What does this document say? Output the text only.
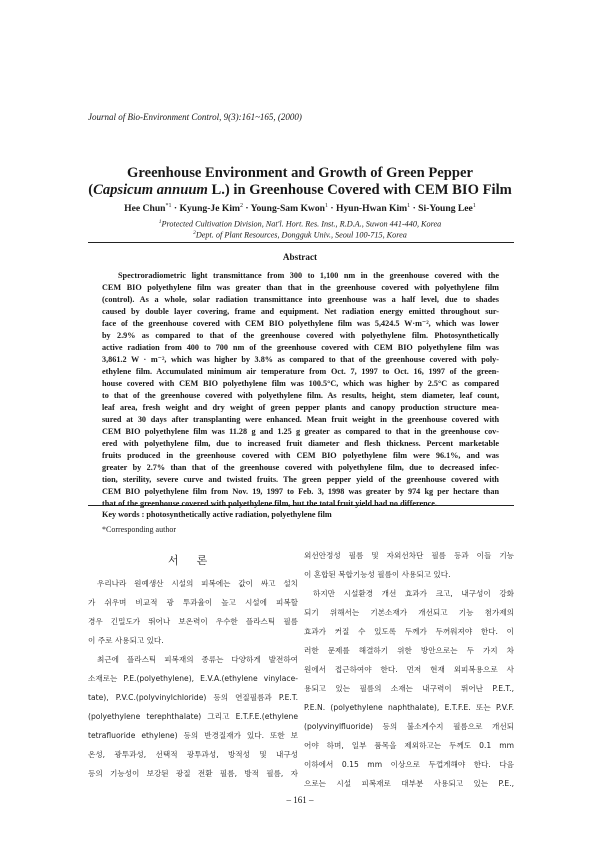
Journal of Bio-Environment Control, 9(3):161~165, (2000)
Greenhouse Environment and Growth of Green Pepper
(Capsicum annuum L.) in Greenhouse Covered with CEM BIO Film
Hee Chun$^{*1}$ · Kyung-Je Kim$^2$ · Young-Sam Kwon$^1$ · Hyun-Hwan Kim$^1$ · Si-Young Lee$^1$
$^1$Protected Cultivation Division, Nat'l. Hort. Res. Inst., R.D.A., Suwon 441-440, Korea
$^2$Dept. of Plant Resources, Dongguk Univ., Seoul 100-715, Korea
Abstract
Spectroradiometric light transmittance from 300 to 1,100 nm in the greenhouse covered with the
CEM BIO polyethylene film was greater than that in the greenhouse covered with polyethylene film
(control). As a whole, solar radiation transmittance into greenhouse was a half level, due to shades
caused by double layer covering, frame and equipment. Net radiation energy emitted throughout sur-
face of the greenhouse covered with CEM BIO polyethylene film was 5,424.5 W·m⁻², which was lower
by 2.9% as compared to that of the greenhouse covered with polyethylene film. Photosynthetically
active radiation from 400 to 700 nm of the greenhouse covered with CEM BIO polyethylene film was
3,861.2 W · m⁻², which was higher by 3.8% as compared to that of the greenhouse covered with poly-
ethylene film. Accumulated minimum air temperature from Oct. 7, 1997 to Oct. 16, 1997 of the green-
house covered with CEM BIO polyethylene film was 100.5°C, which was higher by 2.5°C as compared
to that of the greenhouse covered with polyethylene film. As results, height, stem diameter, leaf count,
leaf area, fresh weight and dry weight of green pepper plants and canopy production structure mea-
sured at 30 days after transplanting were enhanced. Mean fruit weight in the greenhouse covered with
CEM BIO polyethylene film was 11.28 g and 1.25 g greater as compared to that in the greenhouse cov-
ered with polyethylene film, due to increased fruit diameter and flesh thickness. Percent marketable
fruits produced in the greenhouse covered with CEM BIO polyethylene film were 96.1%, and was
greater by 2.7% than that of the greenhouse covered with polyethylene film, due to decreased infec-
tion, sterility, severe curve and twisted fruits. The green pepper yield of the greenhouse covered with
CEM BIO polyethylene film from Nov. 19, 1997 to Feb. 3, 1998 was greater by 974 kg per hectare than
that of the greenhouse covered with polyethylene film, but the total fruit yield had no difference.
Key words : photosynthetically active radiation, polyethylene film
*Corresponding author
서론
우리나라 원예생산 시설의 피복에는 값이 싸고 설치
가 쉬우며 비교적 광 투과율이 높고 시설에 피복할
경우 긴밀도가 뛰어나 보온력이 우수한 플라스틱 필름
이 주로 사용되고 있다.
최근에 플라스틱 피복재의 종류는 다양하게 발전하여
소재로는 P.E.(polyethylene), E.V.A.(ethylene vinylace-
tate), P.V.C.(polyvinylchloride) 등의 연질필름과 P.E.T.
(polyethylene terephthalate) 그리고 E.T.F.E.(ethylene
tetrafluoride ethylene) 등의 반경질재가 있다. 또한 보
온성, 광투과성, 선택적 광투과성, 방적성 및 내구성
등의 기능성이 보강된 광질 전환 필름, 방적 필름, 자
외선안정성 필름 및 자외선차단 필름 등과 이들 기능
이 혼합된 복합기능성 필름이 사용되고 있다.
하지만 시설환경 개선 효과가 크고, 내구성이 강화
되기 위해서는 기본소재가 개선되고 기능 첨가제의
효과가 커질 수 있도록 두께가 두꺼워져야 한다. 이
러한 문제를 해결하기 위한 방안으로는 두 가지 차
원에서 접근하여야 한다. 먼저 현재 외피복용으로 사
용되고 있는 필름의 소재는 내구력이 뛰어난 P.E.T.,
P.E.N. (polyethylene naphthalate), E.T.F.E. 또는 P.V.F.
(polyvinylfluoride) 등의 불소계수지 필름으로 개선되
어야 하며, 일부 품목을 제외하고는 두께도 0.1 mm
이하에서 0.15 mm 이상으로 두껍게해야 한다. 다음
으로는 시설 피복재로 대부분 사용되고 있는 P.E.,
– 161 –
